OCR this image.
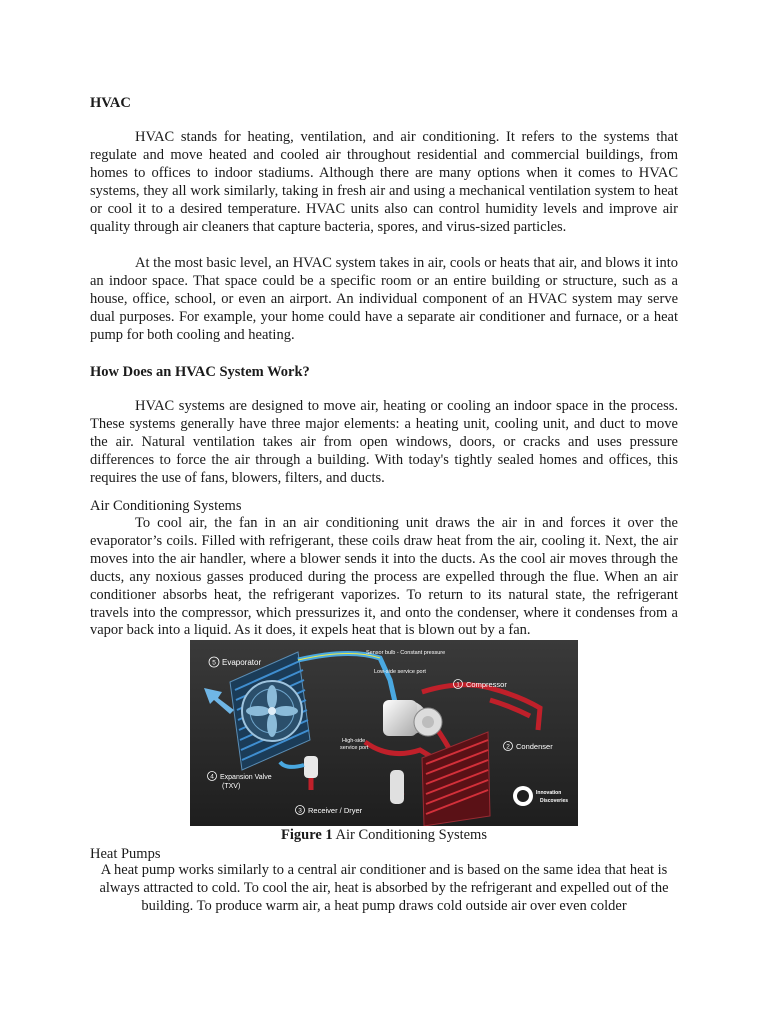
HVAC
HVAC stands for heating, ventilation, and air conditioning. It refers to the systems that regulate and move heated and cooled air throughout residential and commercial buildings, from homes to offices to indoor stadiums. Although there are many options when it comes to HVAC systems, they all work similarly, taking in fresh air and using a mechanical ventilation system to heat or cool it to a desired temperature. HVAC units also can control humidity levels and improve air quality through air cleaners that capture bacteria, spores, and virus-sized particles.
At the most basic level, an HVAC system takes in air, cools or heats that air, and blows it into an indoor space. That space could be a specific room or an entire building or structure, such as a house, office, school, or even an airport. An individual component of an HVAC system may serve dual purposes. For example, your home could have a separate air conditioner and furnace, or a heat pump for both cooling and heating.
How Does an HVAC System Work?
HVAC systems are designed to move air, heating or cooling an indoor space in the process. These systems generally have three major elements: a heating unit, cooling unit, and duct to move the air. Natural ventilation takes air from open windows, doors, or cracks and uses pressure differences to force the air through a building. With today's tightly sealed homes and offices, this requires the use of fans, blowers, filters, and ducts.
Air Conditioning Systems
To cool air, the fan in an air conditioning unit draws the air in and forces it over the evaporator’s coils. Filled with refrigerant, these coils draw heat from the air, cooling it. Next, the air moves into the air handler, where a blower sends it into the ducts. As the cool air moves through the ducts, any noxious gasses produced during the process are expelled through the flue. When an air conditioner absorbs heat, the refrigerant vaporizes. To return to its natural state, the refrigerant travels into the compressor, which pressurizes it, and onto the condenser, where it condenses from a vapor back into a liquid. As it does, it expels heat that is blown out by a fan.
5 Evaporator
Sensor bulb - Constant pressure
Low-side service port
1 Compressor
High-side
service port	2 Condenser
4 Expansion Valve
(TXV)
3 Receiver / Dryer
Innovation
Discoveries
Figure 1 Air Conditioning Systems
Heat Pumps
A heat pump works similarly to a central air conditioner and is based on the same idea that heat is always attracted to cold. To cool the air, heat is absorbed by the refrigerant and expelled out of the building. To produce warm air, a heat pump draws cold outside air over even colder
